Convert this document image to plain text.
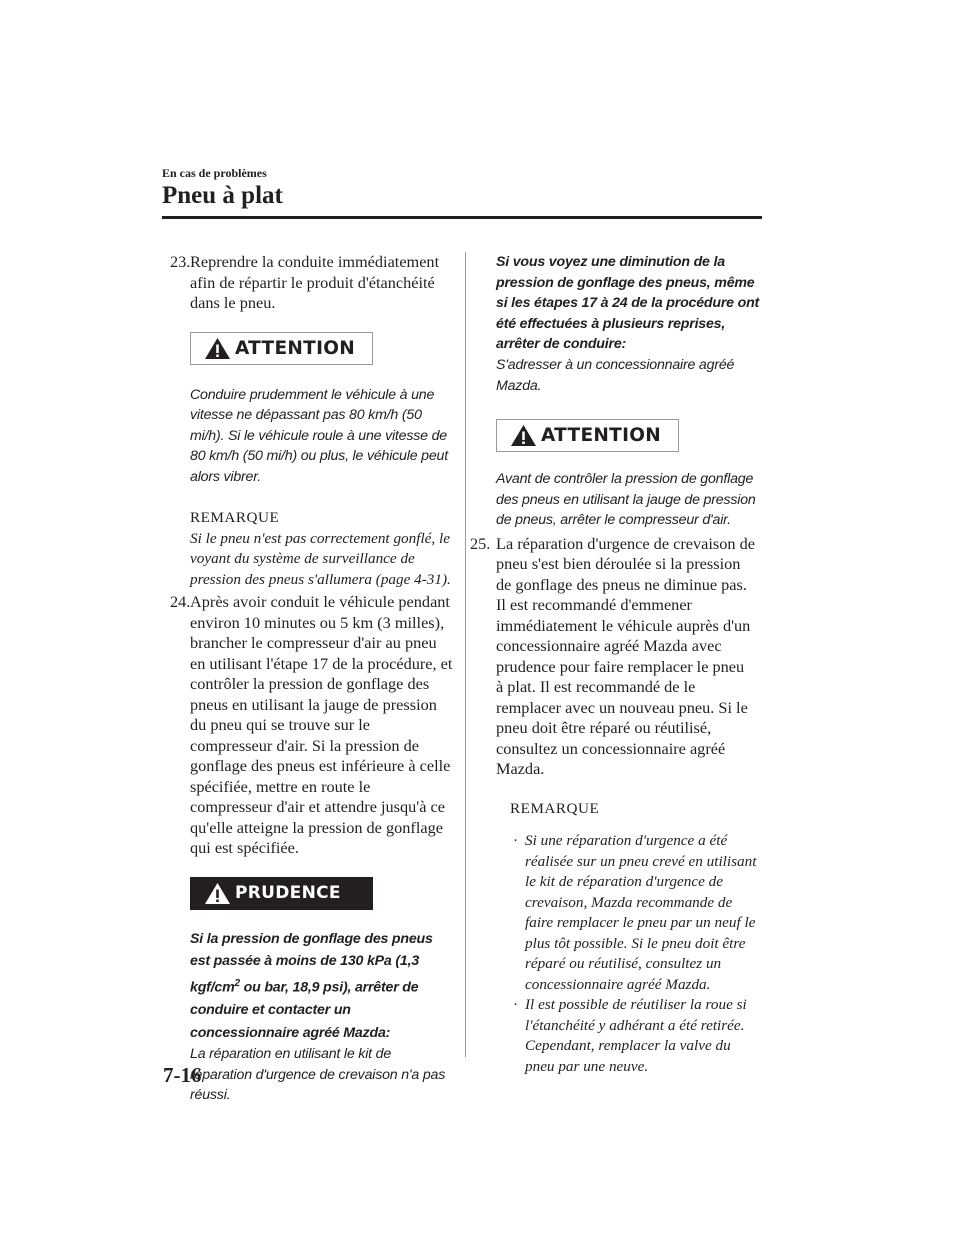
En cas de problèmes
Pneu à plat
23. Reprendre la conduite immédiatement afin de répartir le produit d'étanchéité dans le pneu.
ATTENTION
Conduire prudemment le véhicule à une vitesse ne dépassant pas 80 km/h (50 mi/h). Si le véhicule roule à une vitesse de 80 km/h (50 mi/h) ou plus, le véhicule peut alors vibrer.
REMARQUE
Si le pneu n'est pas correctement gonflé, le voyant du système de surveillance de pression des pneus s'allumera (page 4-31).
24. Après avoir conduit le véhicule pendant environ 10 minutes ou 5 km (3 milles), brancher le compresseur d'air au pneu en utilisant l'étape 17 de la procédure, et contrôler la pression de gonflage des pneus en utilisant la jauge de pression du pneu qui se trouve sur le compresseur d'air. Si la pression de gonflage des pneus est inférieure à celle spécifiée, mettre en route le compresseur d'air et attendre jusqu'à ce qu'elle atteigne la pression de gonflage qui est spécifiée.
PRUDENCE
Si la pression de gonflage des pneus est passée à moins de 130 kPa (1,3 kgf/$cm^2$ ou bar, 18,9 psi), arrêter de conduire et contacter un concessionnaire agréé Mazda:
La réparation en utilisant le kit de réparation d'urgence de crevaison n'a pas réussi.
Si vous voyez une diminution de la pression de gonflage des pneus, même si les étapes 17 à 24 de la procédure ont été effectuées à plusieurs reprises, arrêter de conduire:
S'adresser à un concessionnaire agréé Mazda.
ATTENTION
Avant de contrôler la pression de gonflage des pneus en utilisant la jauge de pression de pneus, arrêter le compresseur d'air.
25. La réparation d'urgence de crevaison de pneu s'est bien déroulée si la pression de gonflage des pneus ne diminue pas. Il est recommandé d'emmener immédiatement le véhicule auprès d'un concessionnaire agréé Mazda avec prudence pour faire remplacer le pneu à plat. Il est recommandé de le remplacer avec un nouveau pneu. Si le pneu doit être réparé ou réutilisé, consultez un concessionnaire agréé Mazda.
REMARQUE
· Si une réparation d'urgence a été réalisée sur un pneu crevé en utilisant le kit de réparation d'urgence de crevaison, Mazda recommande de faire remplacer le pneu par un neuf le plus tôt possible. Si le pneu doit être réparé ou réutilisé, consultez un concessionnaire agréé Mazda.
· Il est possible de réutiliser la roue si l'étanchéité y adhérant a été retirée. Cependant, remplacer la valve du pneu par une neuve.
7-16
